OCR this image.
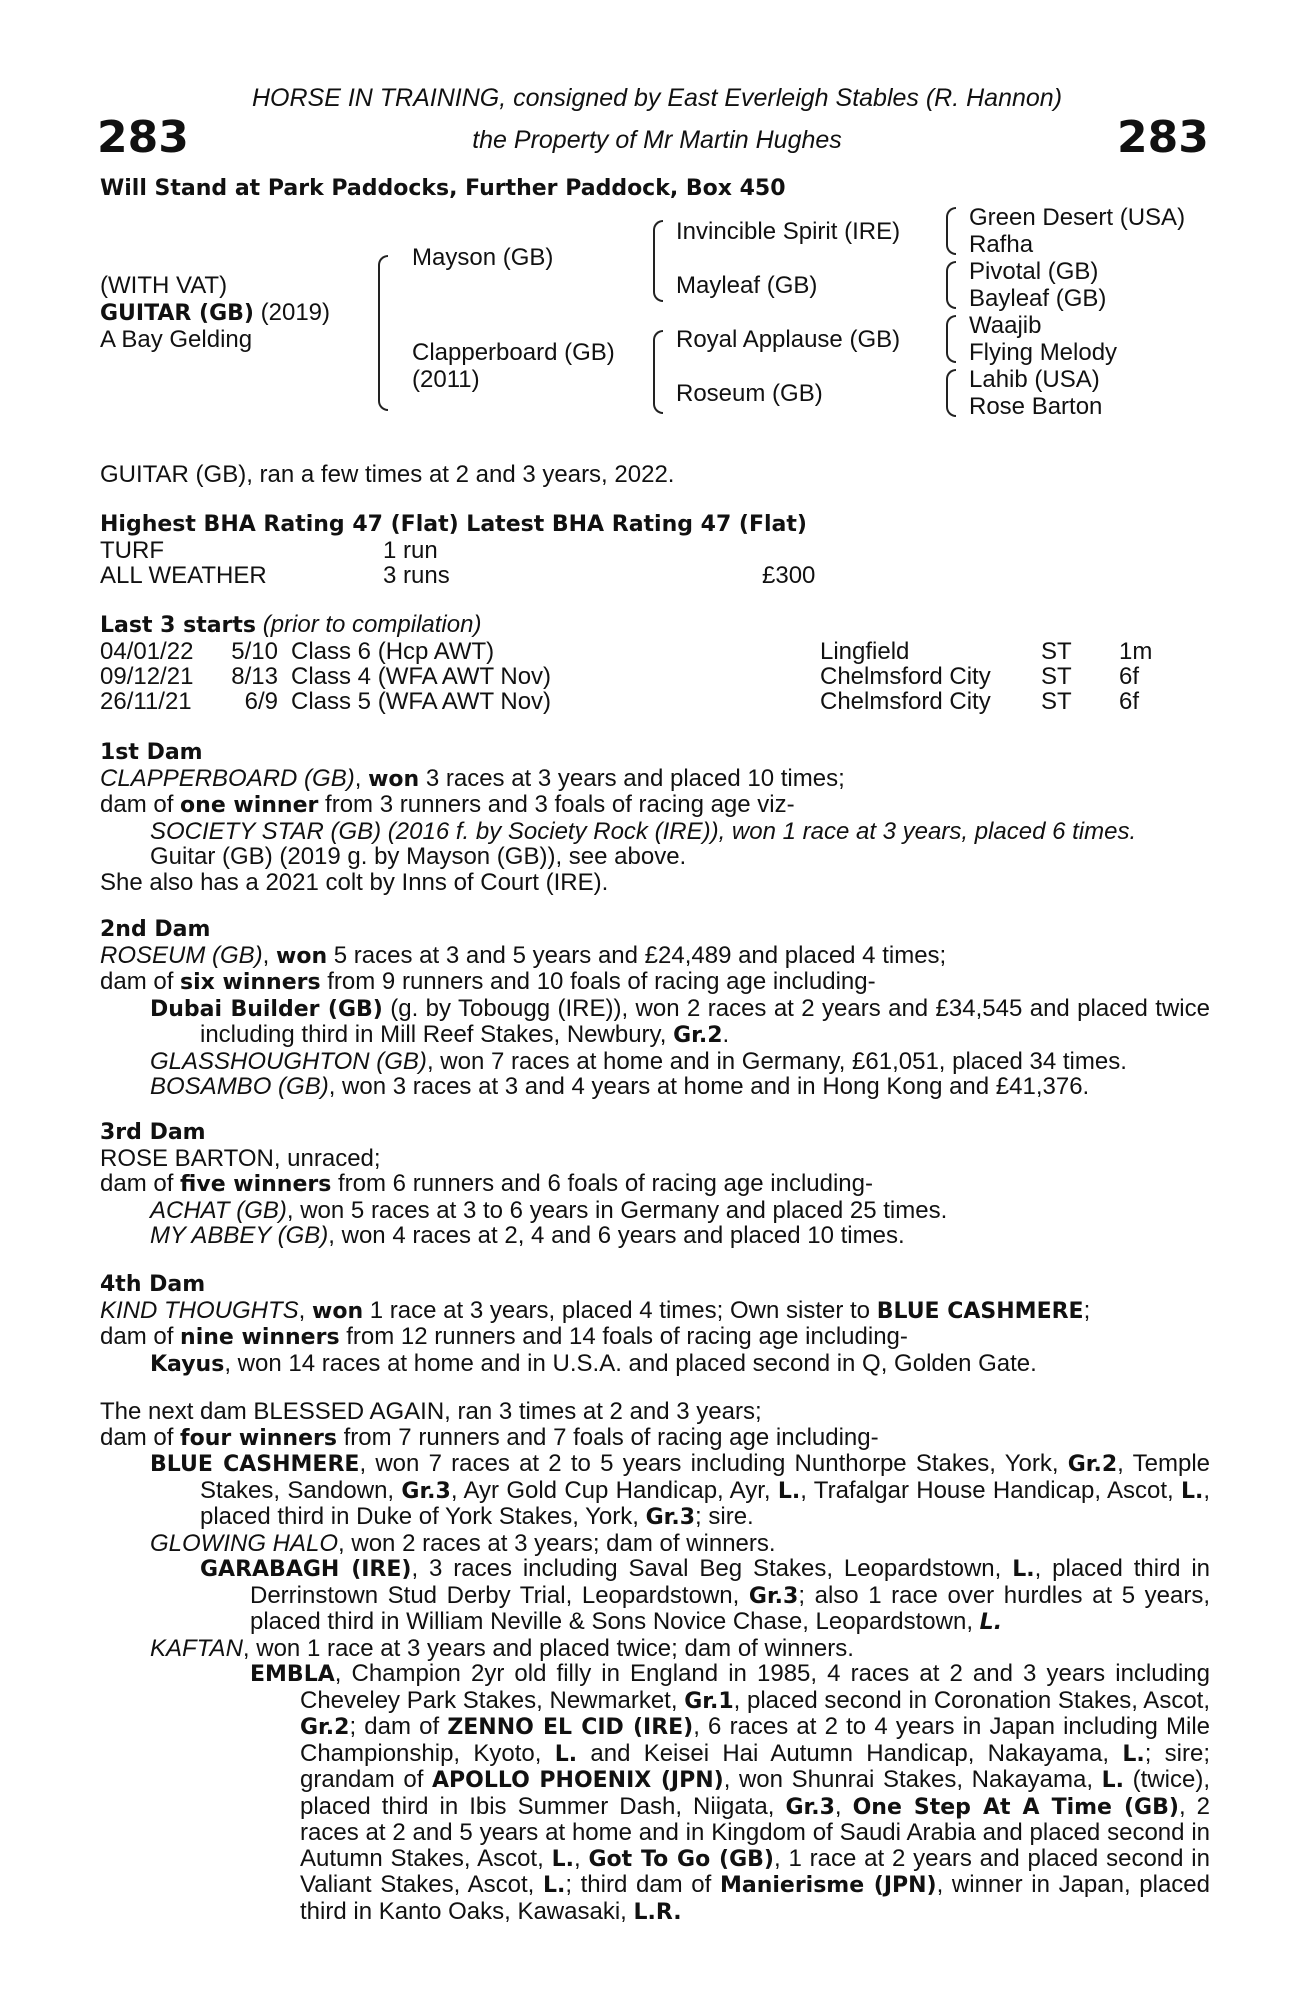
HORSE IN TRAINING, consigned by East Everleigh Stables (R. Hannon)
the Property of Mr Martin Hughes
283	283
Will Stand at Park Paddocks, Further Paddock, Box 450
(WITH VAT)
GUITAR (GB) (2019)
A Bay Gelding
Mayson (GB)
Clapperboard (GB)
(2011)
Invincible Spirit (IRE)
Mayleaf (GB)
Royal Applause (GB)
Roseum (GB)
Green Desert (USA)
Rafha
Pivotal (GB)
Bayleaf (GB)
Waajib
Flying Melody
Lahib (USA)
Rose Barton
GUITAR (GB), ran a few times at 2 and 3 years, 2022.
Highest BHA Rating 47 (Flat) Latest BHA Rating 47 (Flat)
TURF	1 run
ALL WEATHER	3 runs	£300
Last 3 starts (prior to compilation)
04/01/22	5/10 Class 6 (Hcp AWT)	Lingfield	ST 1m
09/12/21	8/13 Class 4 (WFA AWT Nov)	Chelmsford City ST 6f
26/11/21	6/9 Class 5 (WFA AWT Nov)	Chelmsford City ST 6f
1st Dam
CLAPPERBOARD (GB), won 3 races at 3 years and placed 10 times;
dam of one winner from 3 runners and 3 foals of racing age viz-
SOCIETY STAR (GB) (2016 f. by Society Rock (IRE)), won 1 race at 3 years, placed 6 times.
Guitar (GB) (2019 g. by Mayson (GB)), see above.
She also has a 2021 colt by Inns of Court (IRE).
2nd Dam
ROSEUM (GB), won 5 races at 3 and 5 years and £24,489 and placed 4 times;
dam of six winners from 9 runners and 10 foals of racing age including-
Dubai Builder (GB) (g. by Tobougg (IRE)), won 2 races at 2 years and £34,545 and placed twice including third in Mill Reef Stakes, Newbury, Gr.2.
GLASSHOUGHTON (GB), won 7 races at home and in Germany, £61,051, placed 34 times.
BOSAMBO (GB), won 3 races at 3 and 4 years at home and in Hong Kong and £41,376.
3rd Dam
ROSE BARTON, unraced;
dam of five winners from 6 runners and 6 foals of racing age including-
ACHAT (GB), won 5 races at 3 to 6 years in Germany and placed 25 times.
MY ABBEY (GB), won 4 races at 2, 4 and 6 years and placed 10 times.
4th Dam
KIND THOUGHTS, won 1 race at 3 years, placed 4 times; Own sister to BLUE CASHMERE;
dam of nine winners from 12 runners and 14 foals of racing age including-
Kayus, won 14 races at home and in U.S.A. and placed second in Q, Golden Gate.
The next dam BLESSED AGAIN, ran 3 times at 2 and 3 years;
dam of four winners from 7 runners and 7 foals of racing age including-
BLUE CASHMERE, won 7 races at 2 to 5 years including Nunthorpe Stakes, York, Gr.2, Temple Stakes, Sandown, Gr.3, Ayr Gold Cup Handicap, Ayr, L., Trafalgar House Handicap, Ascot, L., placed third in Duke of York Stakes, York, Gr.3; sire.
GLOWING HALO, won 2 races at 3 years; dam of winners.
GARABAGH (IRE), 3 races including Saval Beg Stakes, Leopardstown, L., placed third in Derrinstown Stud Derby Trial, Leopardstown, Gr.3; also 1 race over hurdles at 5 years, placed third in William Neville & Sons Novice Chase, Leopardstown, L.
KAFTAN, won 1 race at 3 years and placed twice; dam of winners.
EMBLA, Champion 2yr old filly in England in 1985, 4 races at 2 and 3 years including Cheveley Park Stakes, Newmarket, Gr.1, placed second in Coronation Stakes, Ascot, Gr.2; dam of ZENNO EL CID (IRE), 6 races at 2 to 4 years in Japan including Mile Championship, Kyoto, L. and Keisei Hai Autumn Handicap, Nakayama, L.; sire; grandam of APOLLO PHOENIX (JPN), won Shunrai Stakes, Nakayama, L. (twice), placed third in Ibis Summer Dash, Niigata, Gr.3, One Step At A Time (GB), 2 races at 2 and 5 years at home and in Kingdom of Saudi Arabia and placed second in Autumn Stakes, Ascot, L., Got To Go (GB), 1 race at 2 years and placed second in Valiant Stakes, Ascot, L.; third dam of Manierisme (JPN), winner in Japan, placed third in Kanto Oaks, Kawasaki, L.R.
